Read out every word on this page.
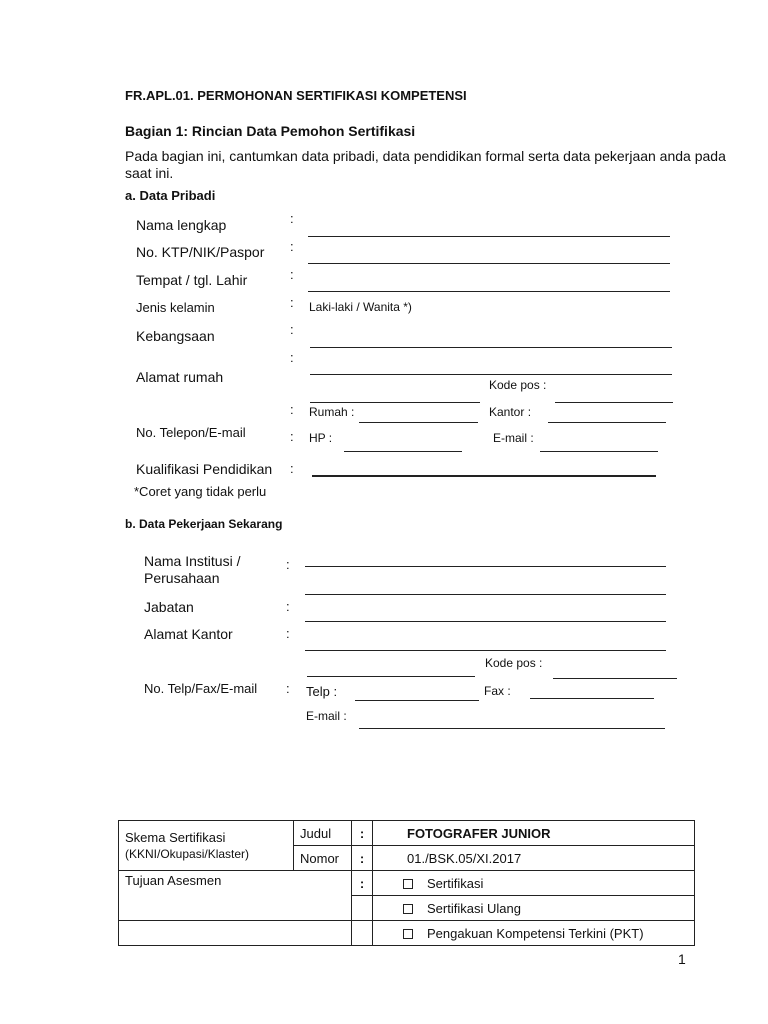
FR.APL.01. PERMOHONAN SERTIFIKASI KOMPETENSI
Bagian 1: Rincian Data Pemohon Sertifikasi
Pada bagian ini, cantumkan data pribadi, data pendidikan formal serta data pekerjaan anda pada
saat ini.
a. Data Pribadi
Nama lengkap	:
No. KTP/NIK/Paspor :
Tempat / tgl. Lahir	:
Jenis kelamin	: Laki-laki / Wanita *)
Kebangsaan	:
Alamat rumah
:
Kode pos :
: Rumah :	Kantor :
No. Telepon/E-mail	: HP :	E-mail :
Kualifikasi Pendidikan :
*Coret yang tidak perlu
b. Data Pekerjaan Sekarang
Nama Institusi /
Perusahaan
:
Jabatan	:
Alamat Kantor	:
Kode pos :
No. Telp/Fax/E-mail : Telp :	Fax :
E-mail :
Skema Sertifikasi
(KKNI/Okupasi/Klaster)	Judul	:	FOTOGRAFER JUNIOR
	Nomor	:	01./BSK.05/XI.2017
Tujuan Asesmen		:	Sertifikasi
			Sertifikasi Ulang
			Pengakuan Kompetensi Terkini (PKT)
1
